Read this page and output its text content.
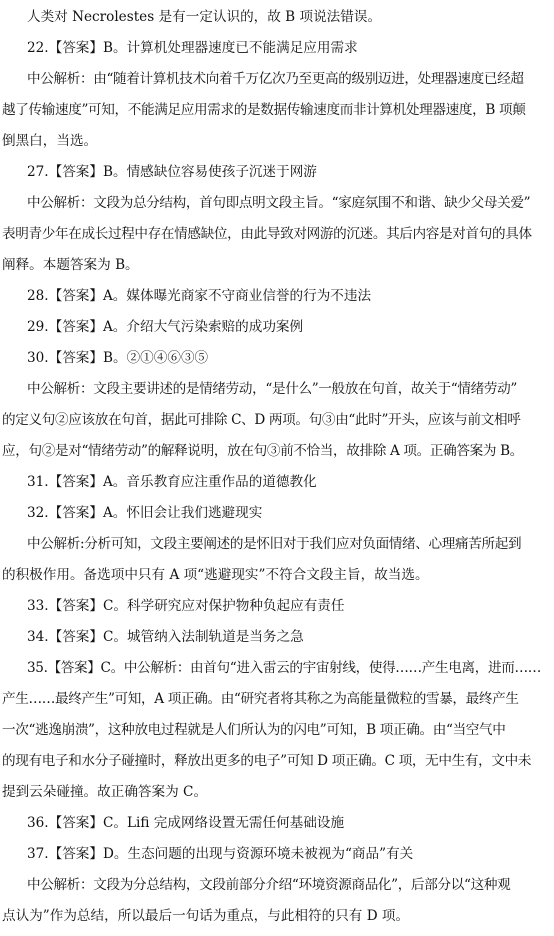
人类对 Necrolestes 是有一定认识的，故 B 项说法错误。
22.【答案】B。计算机处理器速度已不能满足应用需求
中公解析：由“随着计算机技术向着千万亿次乃至更高的级别迈进，处理器速度已经超
越了传输速度”可知，不能满足应用需求的是数据传输速度而非计算机处理器速度，B 项颠
倒黑白，当选。
27.【答案】B。情感缺位容易使孩子沉迷于网游
中公解析：文段为总分结构，首句即点明文段主旨。“家庭氛围不和谐、缺少父母关爱”
表明青少年在成长过程中存在情感缺位，由此导致对网游的沉迷。其后内容是对首句的具体
阐释。本题答案为 B。
28.【答案】A。媒体曝光商家不守商业信誉的行为不违法
29.【答案】A。介绍大气污染索赔的成功案例
30.【答案】B。②①④⑥③⑤
中公解析：文段主要讲述的是情绪劳动，“是什么”一般放在句首，故关于“情绪劳动”
的定义句②应该放在句首，据此可排除 C、D 两项。句③由“此时”开头，应该与前文相呼
应，句②是对“情绪劳动”的解释说明，放在句③前不恰当，故排除 A 项。正确答案为 B。
31.【答案】A。音乐教育应注重作品的道德教化
32.【答案】A。怀旧会让我们逃避现实
中公解析:分析可知，文段主要阐述的是怀旧对于我们应对负面情绪、心理痛苦所起到
的积极作用。备选项中只有 A 项“逃避现实”不符合文段主旨，故当选。
33.【答案】C。科学研究应对保护物种负起应有责任
34.【答案】C。城管纳入法制轨道是当务之急
35.【答案】C。中公解析：由首句“进入雷云的宇宙射线，使得……产生电离，进而……
产生……最终产生”可知，A 项正确。由“研究者将其称之为高能量微粒的雪暴，最终产生
一次“逃逸崩溃”，这种放电过程就是人们所认为的闪电”可知，B 项正确。由“当空气中
的现有电子和水分子碰撞时，释放出更多的电子”可知 D 项正确。C 项，无中生有，文中未
提到云朵碰撞。故正确答案为 C。
36.【答案】C。Lifi 完成网络设置无需任何基础设施
37.【答案】D。生态问题的出现与资源环境未被视为“商品”有关
中公解析：文段为分总结构，文段前部分介绍“环境资源商品化”，后部分以“这种观
点认为”作为总结，所以最后一句话为重点，与此相符的只有 D 项。
